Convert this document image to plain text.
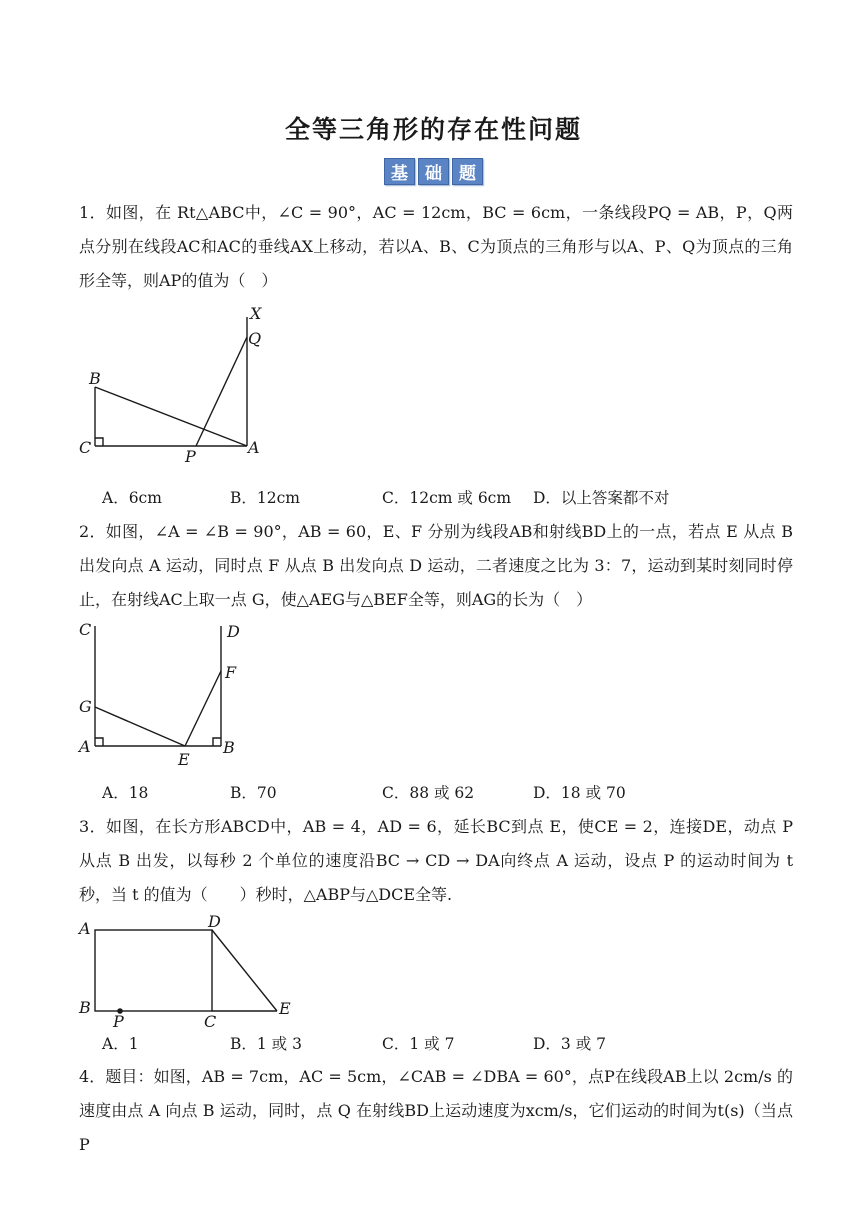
全等三角形的存在性问题
基	础	题
1．如图，在 Rt△ABC中，∠C = 90°，AC = 12cm，BC = 6cm，一条线段PQ = AB，P，Q两点分别在线段AC和AC的垂线AX上移动，若以A、B、C为顶点的三角形与以A、P、Q为顶点的三角形全等，则AP的值为（　）
X
Q
B
C	P	A
A．6cm	B．12cm	C．12cm 或 6cm D．以上答案都不对
2．如图，∠A = ∠B = 90°，AB = 60，E、F 分别为线段AB和射线BD上的一点，若点 E 从点 B 出发向点 A 运动，同时点 F 从点 B 出发向点 D 运动，二者速度之比为 3：7，运动到某时刻同时停止，在射线AC上取一点 G，使△AEG与△BEF全等，则AG的长为（　）
C	D
F
G
A
E
B
A．18	B．70	C．88 或 62	D．18 或 70
3．如图，在长方形ABCD中，AB = 4，AD = 6，延长BC到点 E，使CE = 2，连接DE，动点 P 从点 B 出发，以每秒 2 个单位的速度沿BC → CD → DA向终点 A 运动，设点 P 的运动时间为 t 秒，当 t 的值为（　　）秒时，△ABP与△DCE全等.
A	D
B
P	C
E
A．1	B．1 或 3	C．1 或 7	D．3 或 7
4．题目：如图，AB = 7cm，AC = 5cm，∠CAB = ∠DBA = 60°，点P在线段AB上以 2cm/s 的速度由点 A 向点 B 运动，同时，点 Q 在射线BD上运动速度为xcm/s，它们运动的时间为t(s)（当点 P
